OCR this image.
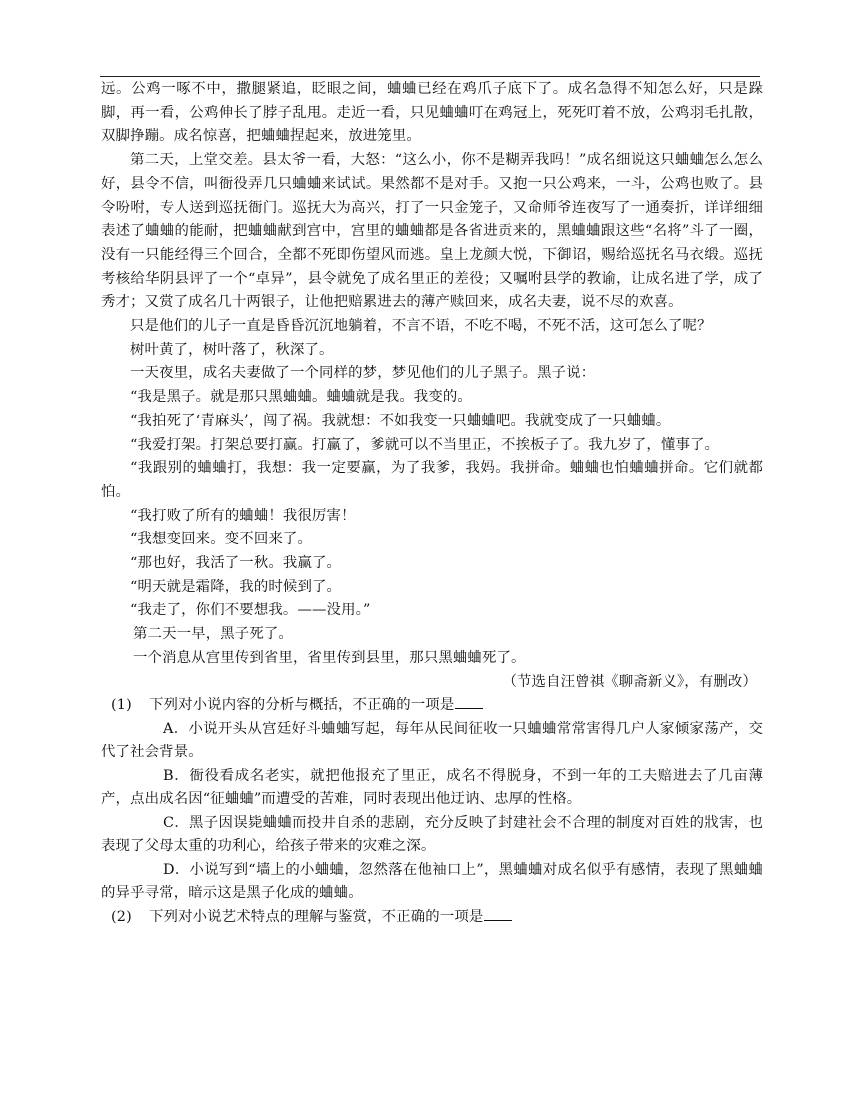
远。公鸡一啄不中，撒腿紧追，眨眼之间，蛐蛐已经在鸡爪子底下了。成名急得不知怎么好，只是跺脚，再一看，公鸡伸长了脖子乱甩。走近一看，只见蛐蛐叮在鸡冠上，死死叮着不放，公鸡羽毛扎散，双脚挣蹦。成名惊喜，把蛐蛐捏起来，放进笼里。

第二天，上堂交差。县太爷一看，大怒：“这么小，你不是糊弄我吗！”成名细说这只蛐蛐怎么怎么好，县令不信，叫衙役弄几只蛐蛐来试试。果然都不是对手。又抱一只公鸡来，一斗，公鸡也败了。县令吩咐，专人送到巡抚衙门。巡抚大为高兴，打了一只金笼子，又命师爷连夜写了一通奏折，详详细细表述了蛐蛐的能耐，把蛐蛐献到宫中，宫里的蛐蛐都是各省进贡来的，黑蛐蛐跟这些“名将”斗了一圈，没有一只能经得三个回合，全都不死即伤望风而逃。皇上龙颜大悦，下御诏，赐给巡抚名马衣缎。巡抚考核给华阴县评了一个“卓异”，县令就免了成名里正的差役；又嘱咐县学的教谕，让成名进了学，成了秀才；又赏了成名几十两银子，让他把赔累进去的薄产赎回来，成名夫妻，说不尽的欢喜。

只是他们的儿子一直是昏昏沉沉地躺着，不言不语，不吃不喝，不死不活，这可怎么了呢？

树叶黄了，树叶落了，秋深了。

一天夜里，成名夫妻做了一个同样的梦，梦见他们的儿子黑子。黑子说：

“我是黑子。就是那只黑蛐蛐。蛐蛐就是我。我变的。

“我拍死了‘青麻头’，闯了祸。我就想：不如我变一只蛐蛐吧。我就变成了一只蛐蛐。

“我爱打架。打架总要打赢。打赢了，爹就可以不当里正，不挨板子了。我九岁了，懂事了。

“我跟别的蛐蛐打，我想：我一定要赢，为了我爹，我妈。我拼命。蛐蛐也怕蛐蛐拼命。它们就都怕。

“我打败了所有的蛐蛐！我很厉害！

“我想变回来。变不回来了。

“那也好，我活了一秋。我赢了。

“明天就是霜降，我的时候到了。

“我走了，你们不要想我。——没用。”

第二天一早，黑子死了。

一个消息从宫里传到省里，省里传到县里，那只黑蛐蛐死了。

（节选自汪曾祺《聊斋新义》，有删改）

(1)	下列对小说内容的分析与概括，不正确的一项是

A．小说开头从宫廷好斗蛐蛐写起，每年从民间征收一只蛐蛐常常害得几户人家倾家荡产，交代了社会背景。

B．衙役看成名老实，就把他报充了里正，成名不得脱身，不到一年的工夫赔进去了几亩薄产，点出成名因“征蛐蛐”而遭受的苦难，同时表现出他迂讷、忠厚的性格。

C．黑子因误毙蛐蛐而投井自杀的悲剧，充分反映了封建社会不合理的制度对百姓的戕害，也表现了父母太重的功利心，给孩子带来的灾难之深。

D．小说写到“墙上的小蛐蛐，忽然落在他袖口上”，黑蛐蛐对成名似乎有感情，表现了黑蛐蛐的异乎寻常，暗示这是黑子化成的蛐蛐。

(2)	下列对小说艺术特点的理解与鉴赏，不正确的一项是
